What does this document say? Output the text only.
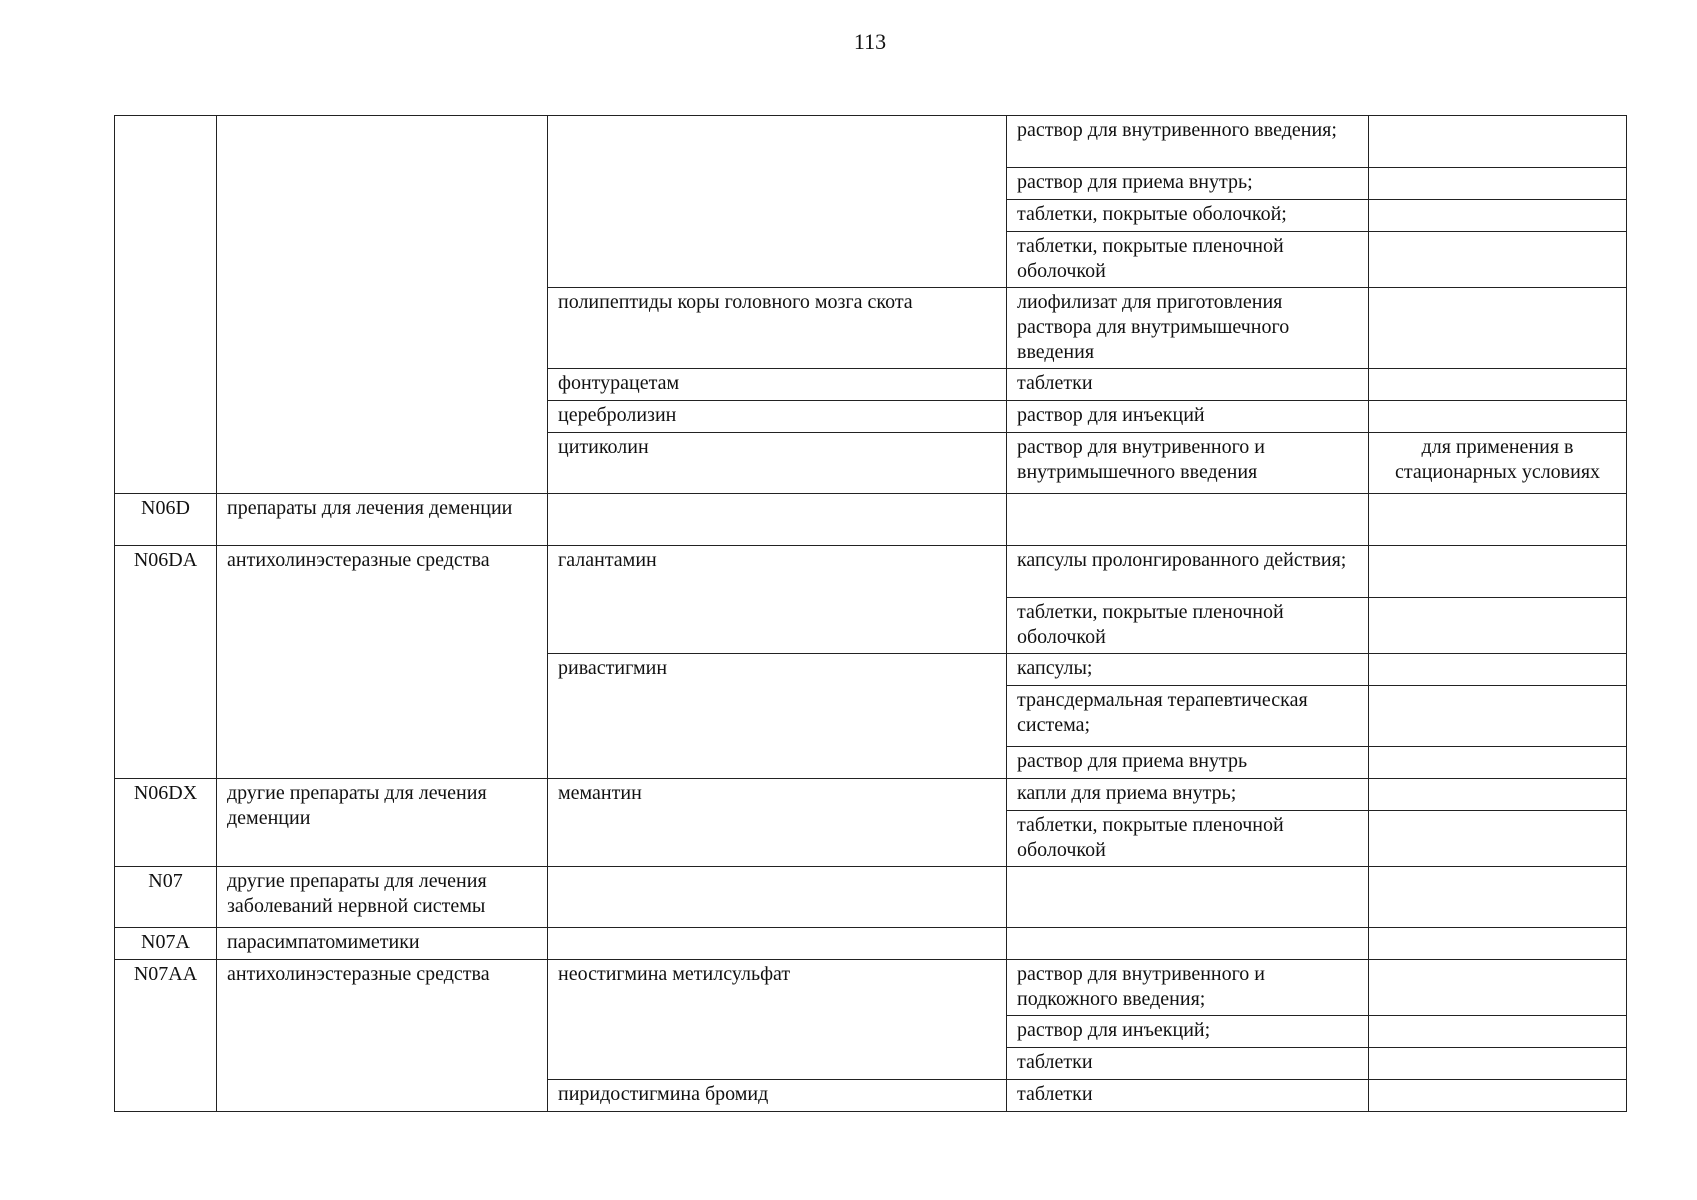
113
			раствор для внутривенного введения;	
			раствор для приема внутрь;	
			таблетки, покрытые оболочкой;	
			таблетки, покрытые пленочной оболочкой	
		полипептиды коры головного мозга скота	лиофилизат для приготовления раствора для внутримышечного введения	
		фонтурацетам	таблетки	
		церебролизин	раствор для инъекций	
		цитиколин	раствор для внутривенного и внутримышечного введения	для применения в стационарных условиях
N06D	препараты для лечения деменции			
N06DA	антихолинэстеразные средства	галантамин	капсулы пролонгированного действия;	
			таблетки, покрытые пленочной оболочкой	
		ривастигмин	капсулы;	
			трансдермальная терапевтическая система;	
			раствор для приема внутрь	
N06DX	другие препараты для лечения деменции	мемантин	капли для приема внутрь;	
			таблетки, покрытые пленочной оболочкой	
N07	другие препараты для лечения заболеваний нервной системы			
N07A	парасимпатомиметики			
N07AA	антихолинэстеразные средства	неостигмина метилсульфат	раствор для внутривенного и подкожного введения;	
			раствор для инъекций;	
			таблетки	
		пиридостигмина бромид	таблетки	
